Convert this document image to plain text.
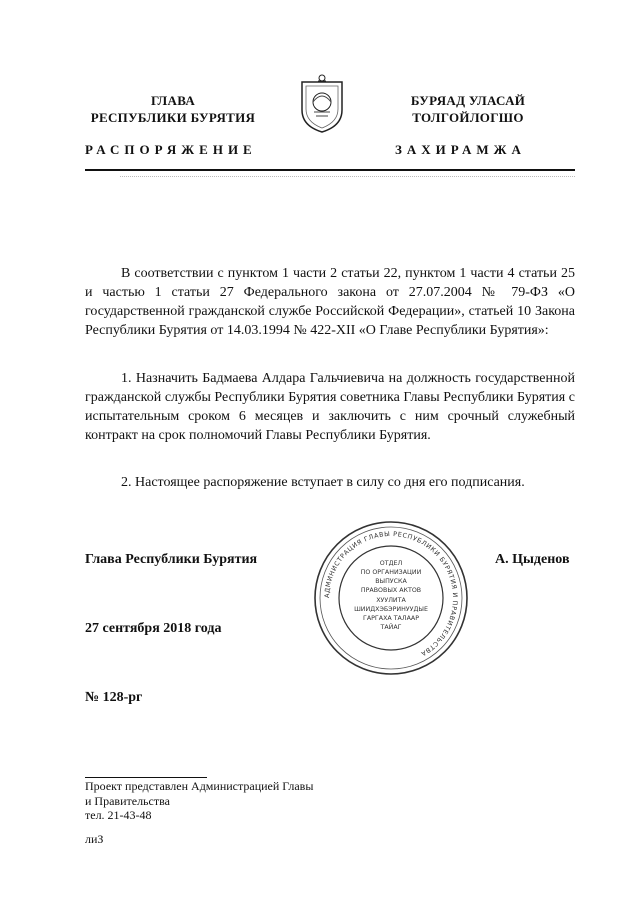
ГЛАВА
РЕСПУБЛИКИ БУРЯТИЯ
БУРЯАД УЛАСАЙ
ТОЛГОЙЛОГШО
РАСПОРЯЖЕНИЕ	ЗАХИРАМЖА

В соответствии с пунктом 1 части 2 статьи 22, пунктом 1 части 4 статьи 25 и частью 1 статьи 27 Федерального закона от 27.07.2004 № 79-ФЗ «О государственной гражданской службе Российской Федерации», статьей 10 Закона Республики Бурятия от 14.03.1994 № 422-XII «О Главе Республики Бурятия»:

1. Назначить Бадмаева Алдара Гальчиевича на должность государственной гражданской службы Республики Бурятия советника Главы Республики Бурятия с испытательным сроком 6 месяцев и заключить с ним срочный служебный контракт на срок полномочий Главы Республики Бурятия.

2. Настоящее распоряжение вступает в силу со дня его подписания.

Глава Республики Бурятия	А. Цыденов
АДМИНИСТРАЦИЯ ГЛАВЫ РЕСПУБЛИКИ БУРЯТИЯ И ПРАВИТЕЛЬСТВА
ОТДЕЛ
ПО ОРГАНИЗАЦИИ
ВЫПУСКА
ПРАВОВЫХ АКТОВ
ХУУЛИТА
ШИИДХЭБЭРИНУУДЫЕ
ГАРГАХА ТАЛААР
ТАЙАГ
27 сентября 2018 года
№ 128-рг
Проект представлен Администрацией Главы
и Правительства
тел. 21-43-48
лиЗ
